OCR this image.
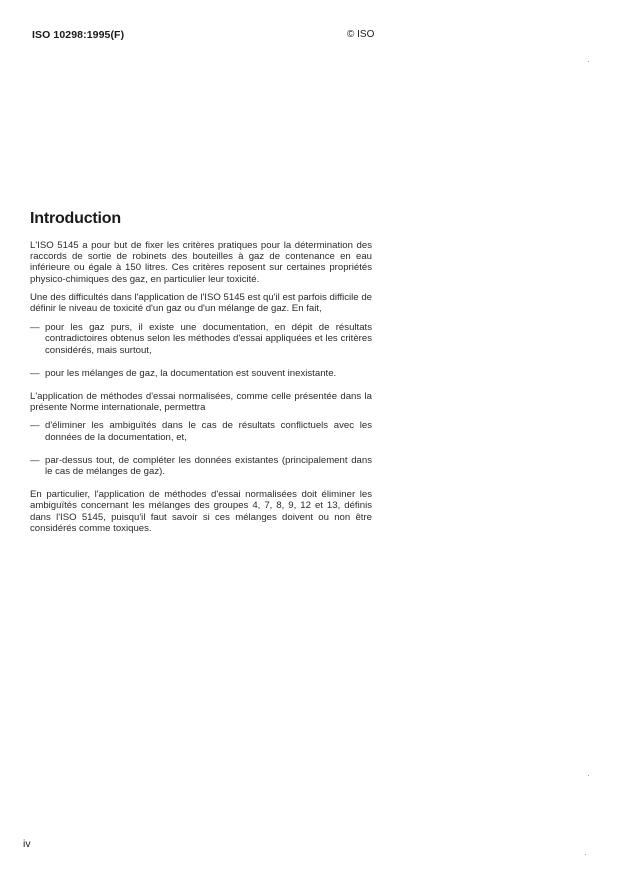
ISO 10298:1995(F)	© ISO
Introduction

L'ISO 5145 a pour but de fixer les critères pratiques pour la détermination des raccords de sortie de robinets des bouteilles à gaz de contenance en eau inférieure ou égale à 150 litres. Ces critères reposent sur certaines propriétés physico-chimiques des gaz, en particulier leur toxicité.

Une des difficultés dans l'application de l'ISO 5145 est qu'il est parfois difficile de définir le niveau de toxicité d'un gaz ou d'un mélange de gaz. En fait,

— pour les gaz purs, il existe une documentation, en dépit de résultats contradictoires obtenus selon les méthodes d'essai appliquées et les critères considérés, mais surtout,
— pour les mélanges de gaz, la documentation est souvent inexistante.

L'application de méthodes d'essai normalisées, comme celle présentée dans la présente Norme internationale, permettra

— d'éliminer les ambiguïtés dans le cas de résultats conflictuels avec les données de la documentation, et,
— par-dessus tout, de compléter les données existantes (principalement dans le cas de mélanges de gaz).

En particulier, l'application de méthodes d'essai normalisées doit éliminer les ambiguïtés concernant les mélanges des groupes 4, 7, 8, 9, 12 et 13, définis dans l'ISO 5145, puisqu'il faut savoir si ces mélanges doivent ou non être considérés comme toxiques.

iv
